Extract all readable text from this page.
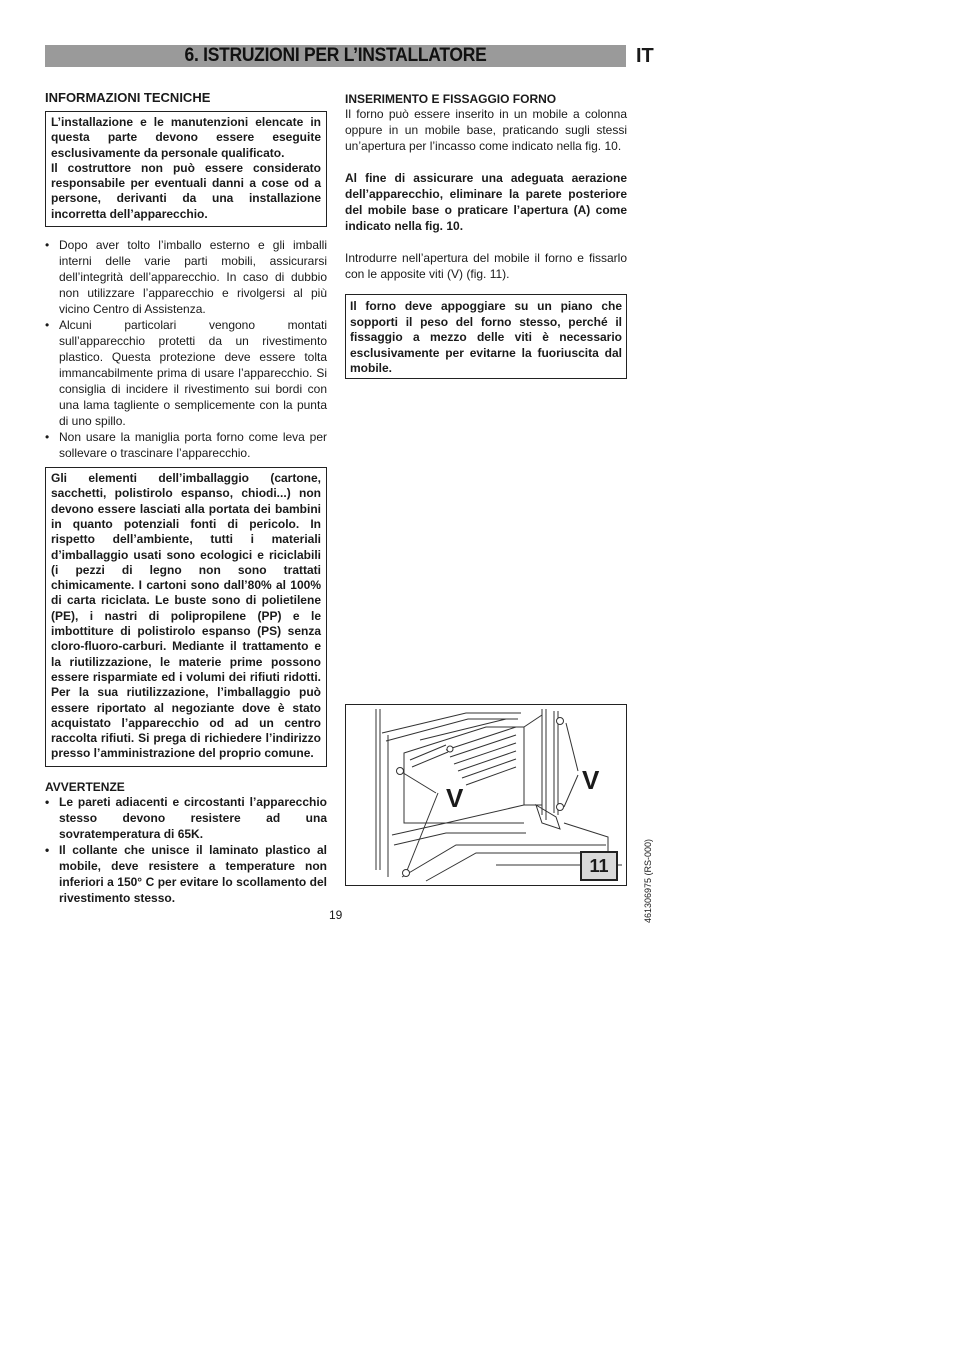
6. ISTRUZIONI PER L’INSTALLATORE	IT
INFORMAZIONI TECNICHE

L’installazione e le manutenzioni elencate in questa parte devono essere eseguite esclusivamente da personale qualificato.

Il costruttore non può essere considerato responsabile per eventuali danni a cose od a persone, derivanti da una installazione incorretta dell’apparecchio.

• Dopo aver tolto l’imballo esterno e gli imballi interni delle varie parti mobili, assicurarsi dell’integrità dell’apparecchio. In caso di dubbio non utilizzare l’apparecchio e rivolgersi al più vicino Centro di Assistenza.
• Alcuni particolari vengono montati sull’apparecchio protetti da un rivestimento plastico. Questa protezione deve essere tolta immancabilmente prima di usare l’apparecchio. Si consiglia di incidere il rivestimento sui bordi con una lama tagliente o semplicemente con la punta di uno spillo.
• Non usare la maniglia porta forno come leva per sollevare o trascinare l’apparecchio.

Gli elementi dell’imballaggio (cartone, sacchetti, polistirolo espanso, chiodi...) non devono essere lasciati alla portata dei bambini in quanto potenziali fonti di pericolo. In rispetto dell’ambiente, tutti i materiali d’imballaggio usati sono ecologici e riciclabili (i pezzi di legno non sono trattati chimicamente. I cartoni sono dall’80% al 100% di carta riciclata. Le buste sono di polietilene (PE), i nastri di polipropilene (PP) e le imbottiture di polistirolo espanso (PS) senza cloro-fluoro-carburi. Mediante il trattamento e la riutilizzazione, le materie prime possono essere risparmiate ed i volumi dei rifiuti ridotti. Per la sua riutilizzazione, l’imballaggio può essere riportato al negoziante dove è stato acquistato l’apparecchio od ad un centro raccolta rifiuti. Si prega di richiedere l’indirizzo presso l’amministrazione del proprio comune.

AVVERTENZE
• Le pareti adiacenti e circostanti l’apparecchio stesso devono resistere ad una sovratemperatura di 65K.
• Il collante che unisce il laminato plastico al mobile, deve resistere a temperature non inferiori a 150° C per evitare lo scollamento del rivestimento stesso.
INSERIMENTO E FISSAGGIO FORNO

Il forno può essere inserito in un mobile a colonna oppure in un mobile base, praticando sugli stessi un’apertura per l’incasso come indicato nella fig. 10.

Al fine di assicurare una adeguata aerazione dell’apparecchio, eliminare la parete posteriore del mobile base o praticare l’apertura (A) come indicato nella fig. 10.

Introdurre nell’apertura del mobile il forno e fissarlo con le apposite viti (V) (fig. 11).

Il forno deve appoggiare su un piano che sopporti il peso del forno stesso, perché il fissaggio a mezzo delle viti è necessario esclusivamente per evitarne la fuoriuscita dal mobile.

V
V
11
19	461306975 (RS-000)
